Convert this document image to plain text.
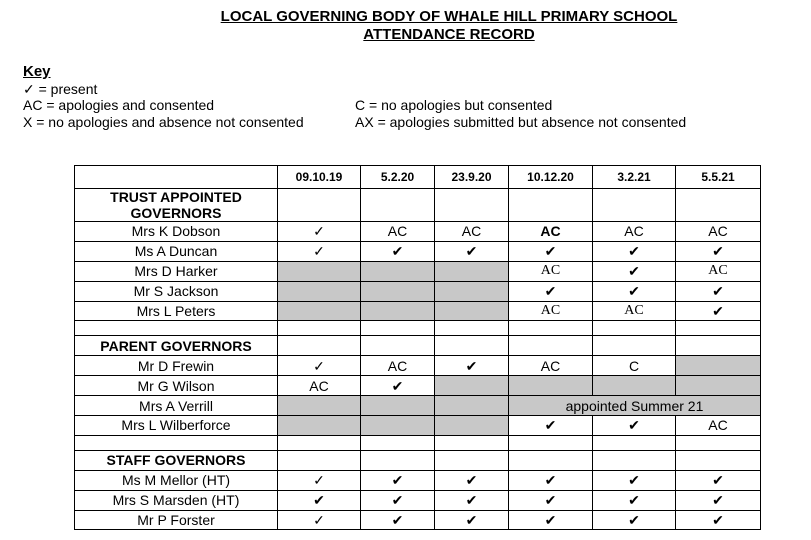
LOCAL GOVERNING BODY OF WHALE HILL PRIMARY SCHOOL
ATTENDANCE RECORD
Key
✓ = present
AC = apologies and consented
X = no apologies and absence not consented
C = no apologies but consented
AX = apologies submitted but absence not consented
	09.10.19	5.2.20	23.9.20	10.12.20	3.2.21	5.5.21
TRUST APPOINTED GOVERNORS						

Mrs K Dobson	✓	AC	AC	AC	AC	AC
Ms A Duncan	✓	✔	✔	✔	✔	✔
Mrs D Harker				AC	✔	AC
Mr S Jackson				✔	✔	✔
Mrs L Peters				AC	AC	✔

PARENT GOVERNORS						
Mr D Frewin	✓	AC	✔	AC	C	
Mr G Wilson	AC	✔				
Mrs A Verrill				appointed Summer 21		
Mrs L Wilberforce				✔	✔	AC

STAFF GOVERNORS						
Ms M Mellor (HT)	✓	✔	✔	✔	✔	✔
Mrs S Marsden (HT)	✔	✔	✔	✔	✔	✔
Mr P Forster	✓	✔	✔	✔	✔	✔
